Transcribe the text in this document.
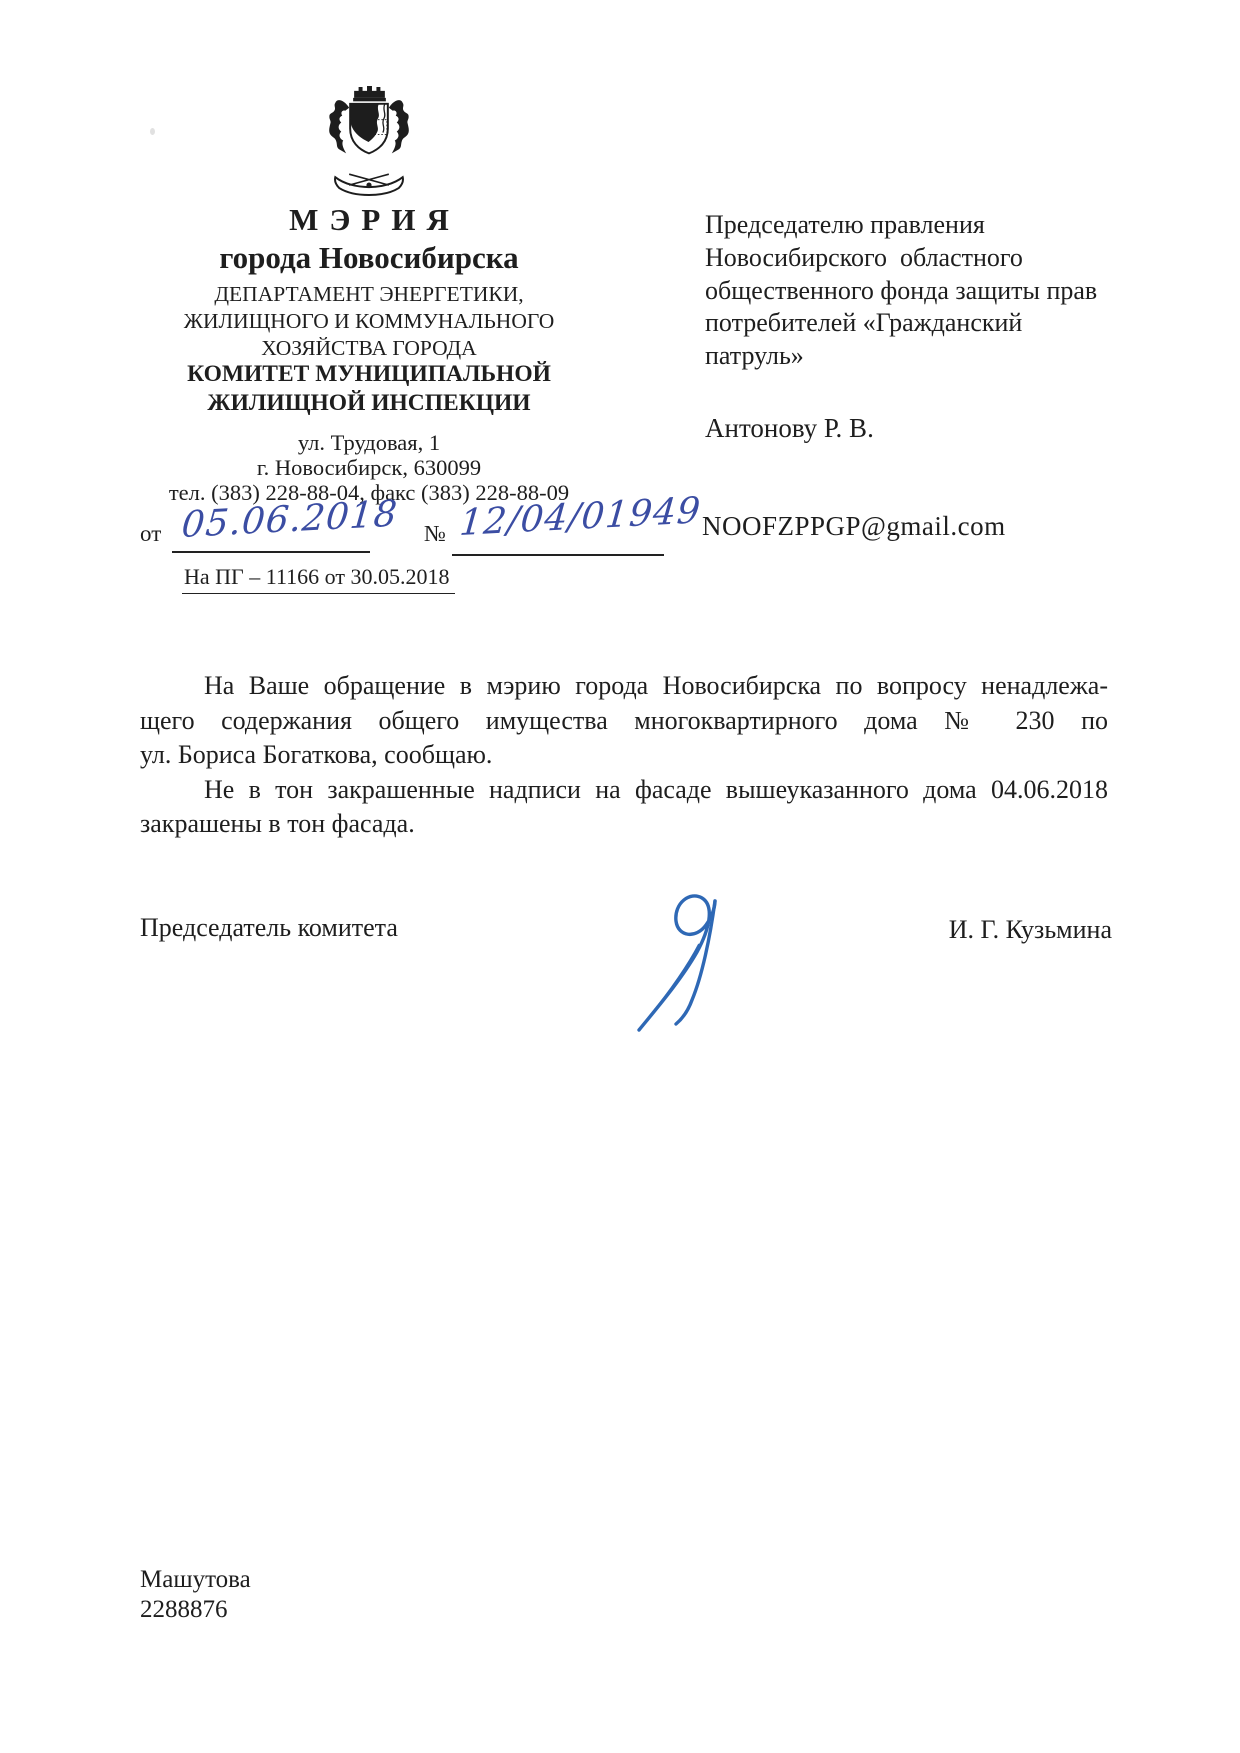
МЭРИЯ
города Новосибирска
ДЕПАРТАМЕНТ ЭНЕРГЕТИКИ,
ЖИЛИЩНОГО И КОММУНАЛЬНОГО
ХОЗЯЙСТВА ГОРОДА
КОМИТЕТ МУНИЦИПАЛЬНОЙ
ЖИЛИЩНОЙ ИНСПЕКЦИИ
ул. Трудовая, 1
г. Новосибирск, 630099
тел. (383) 228-88-04, факс (383) 228-88-09
от 05.06.2018 № 12/04/01949
На ПГ – 11166 от 30.05.2018
Председателю правления
Новосибирского  областного
общественного фонда защиты прав
потребителей «Гражданский
патруль»
Антонову Р. В.
NOOFZPPGP@gmail.com
На Ваше обращение в мэрию города Новосибирска по вопросу ненадлежа-
щего содержания общего имущества многоквартирного дома № 230 по
ул. Бориса Богаткова, сообщаю.
Не в тон закрашенные надписи на фасаде вышеуказанного дома 04.06.2018
закрашены в тон фасада.
Председатель комитета	И. Г. Кузьмина
Машутова
2288876
